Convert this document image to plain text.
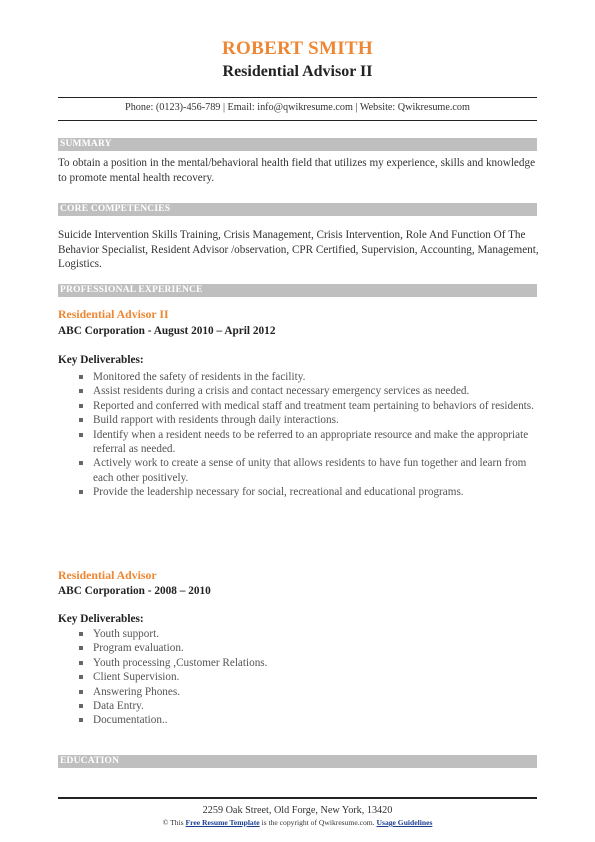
ROBERT SMITH
Residential Advisor II
Phone: (0123)-456-789 | Email: info@qwikresume.com | Website: Qwikresume.com
SUMMARY
To obtain a position in the mental/behavioral health field that utilizes my experience, skills and knowledge to promote mental health recovery.
CORE COMPETENCIES
Suicide Intervention Skills Training, Crisis Management, Crisis Intervention, Role And Function Of The Behavior Specialist, Resident Advisor /observation, CPR Certified, Supervision, Accounting, Management, Logistics.
PROFESSIONAL EXPERIENCE
Residential Advisor II
ABC Corporation - August 2010 – April 2012
Key Deliverables:
Monitored the safety of residents in the facility.
Assist residents during a crisis and contact necessary emergency services as needed.
Reported and conferred with medical staff and treatment team pertaining to behaviors of residents.
Build rapport with residents through daily interactions.
Identify when a resident needs to be referred to an appropriate resource and make the appropriate referral as needed.
Actively work to create a sense of unity that allows residents to have fun together and learn from each other positively.
Provide the leadership necessary for social, recreational and educational programs.
Residential Advisor
ABC Corporation - 2008 – 2010
Key Deliverables:
Youth support.
Program evaluation.
Youth processing ,Customer Relations.
Client Supervision.
Answering Phones.
Data Entry.
Documentation..
EDUCATION
2259 Oak Street, Old Forge, New York, 13420
© This Free Resume Template is the copyright of Qwikresume.com. Usage Guidelines
